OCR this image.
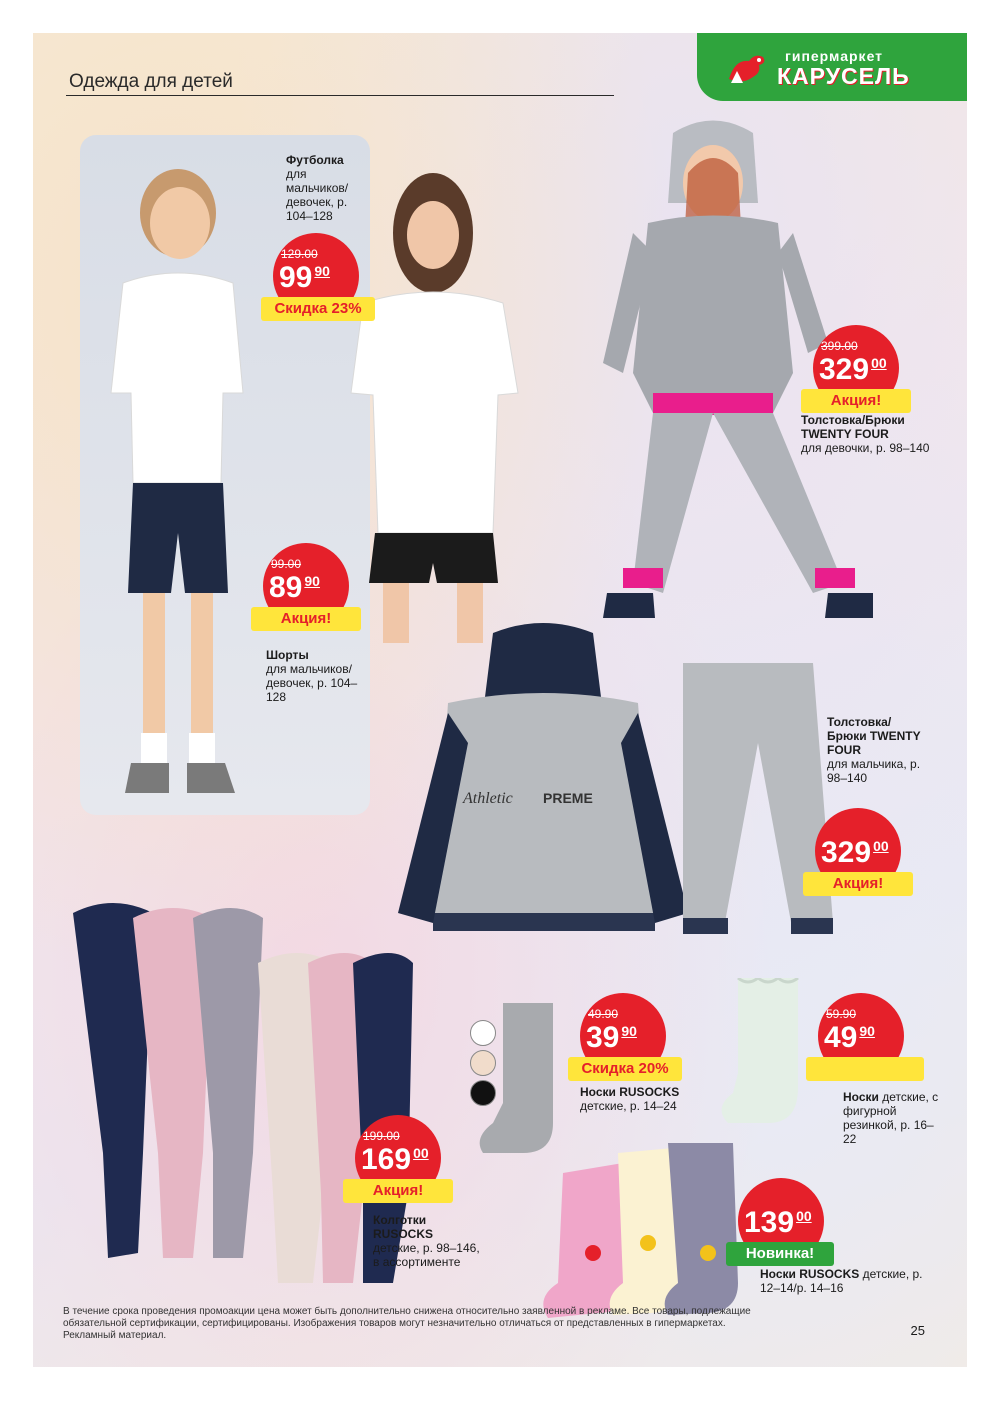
Одежда для детей
гипермаркет
КАРУСЕЛЬ
Футболка
для мальчиков/ девочек, р. 104–128
129.00
99 $^{90}$
Скидка 23%
99.00
89 $^{90}$
Акция!
Шорты
для мальчиков/ девочек, р. 104–128
399.00
329 $^{00}$
Акция!
Толстовка/Брюки TWENTY FOUR
для девочки, р. 98–140
Athletic PREME
Толстовка/ Брюки TWENTY FOUR
для мальчика, р. 98–140
329 $^{00}$
Акция!
199.00
169 $^{00}$
Акция!
Колготки RUSOCKS
детские, р. 98–146, в ассортименте
49.90
39 $^{90}$
Скидка 20%
Носки RUSOCKS
детские, р. 14–24
59.90
49 $^{90}$
Носки детские, с фигурной резинкой, р. 16–22
139 $^{00}$
Новинка!
Носки RUSOCKS детские, р. 12–14/р. 14–16
В течение срока проведения промоакции цена может быть дополнительно снижена относительно заявленной в рекламе. Все товары, подлежащие обязательной сертификации, сертифицированы. Изображения товаров могут незначительно отличаться от представленных в гипермаркетах. Рекламный материал.	25
